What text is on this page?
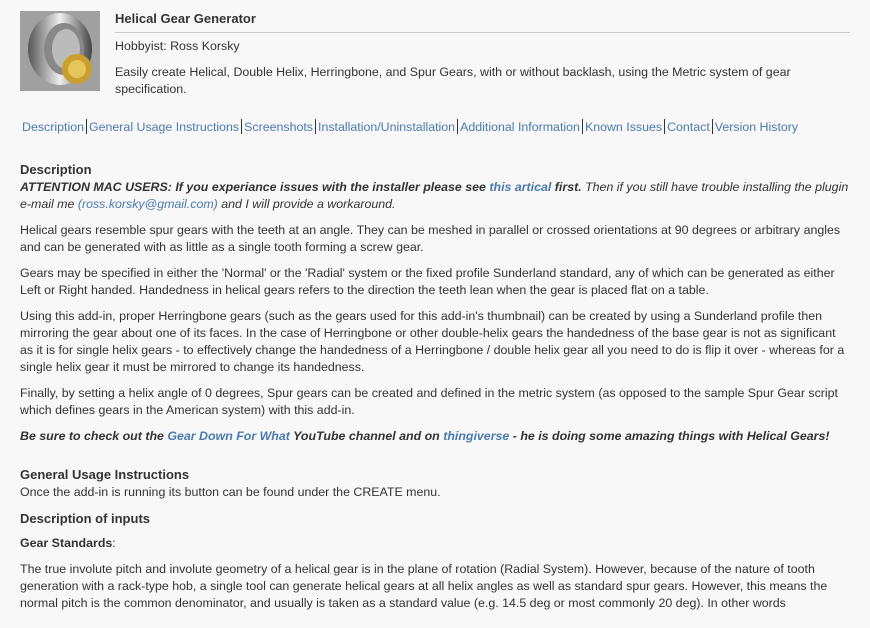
Helical Gear Generator
Hobbyist: Ross Korsky
Easily create Helical, Double Helix, Herringbone, and Spur Gears, with or without backlash, using the Metric system of gear specification.
Description General Usage Instructions Screenshots Installation/Uninstallation Additional Information Known Issues Contact Version History
Description

ATTENTION MAC USERS: If you experiance issues with the installer please see this artical first. Then if you still have trouble installing the plugin e-mail me (ross.korsky@gmail.com) and I will provide a workaround.

Helical gears resemble spur gears with the teeth at an angle. They can be meshed in parallel or crossed orientations at 90 degrees or arbitrary angles and can be generated with as little as a single tooth forming a screw gear.

Gears may be specified in either the 'Normal' or the 'Radial' system or the fixed profile Sunderland standard, any of which can be generated as either Left or Right handed. Handedness in helical gears refers to the direction the teeth lean when the gear is placed flat on a table.

Using this add-in, proper Herringbone gears (such as the gears used for this add-in's thumbnail) can be created by using a Sunderland profile then mirroring the gear about one of its faces. In the case of Herringbone or other double-helix gears the handedness of the base gear is not as significant as it is for single helix gears - to effectively change the handedness of a Herringbone / double helix gear all you need to do is flip it over - whereas for a single helix gear it must be mirrored to change its handedness.

Finally, by setting a helix angle of 0 degrees, Spur gears can be created and defined in the metric system (as opposed to the sample Spur Gear script which defines gears in the American system) with this add-in.

Be sure to check out the Gear Down For What YouTube channel and on thingiverse - he is doing some amazing things with Helical Gears!

General Usage Instructions

Once the add-in is running its button can be found under the CREATE menu.

Description of inputs

Gear Standards:

The true involute pitch and involute geometry of a helical gear is in the plane of rotation (Radial System). However, because of the nature of tooth generation with a rack-type hob, a single tool can generate helical gears at all helix angles as well as standard spur gears. However, this means the normal pitch is the common denominator, and usually is taken as a standard value (e.g. 14.5 deg or most commonly 20 deg). In other words
